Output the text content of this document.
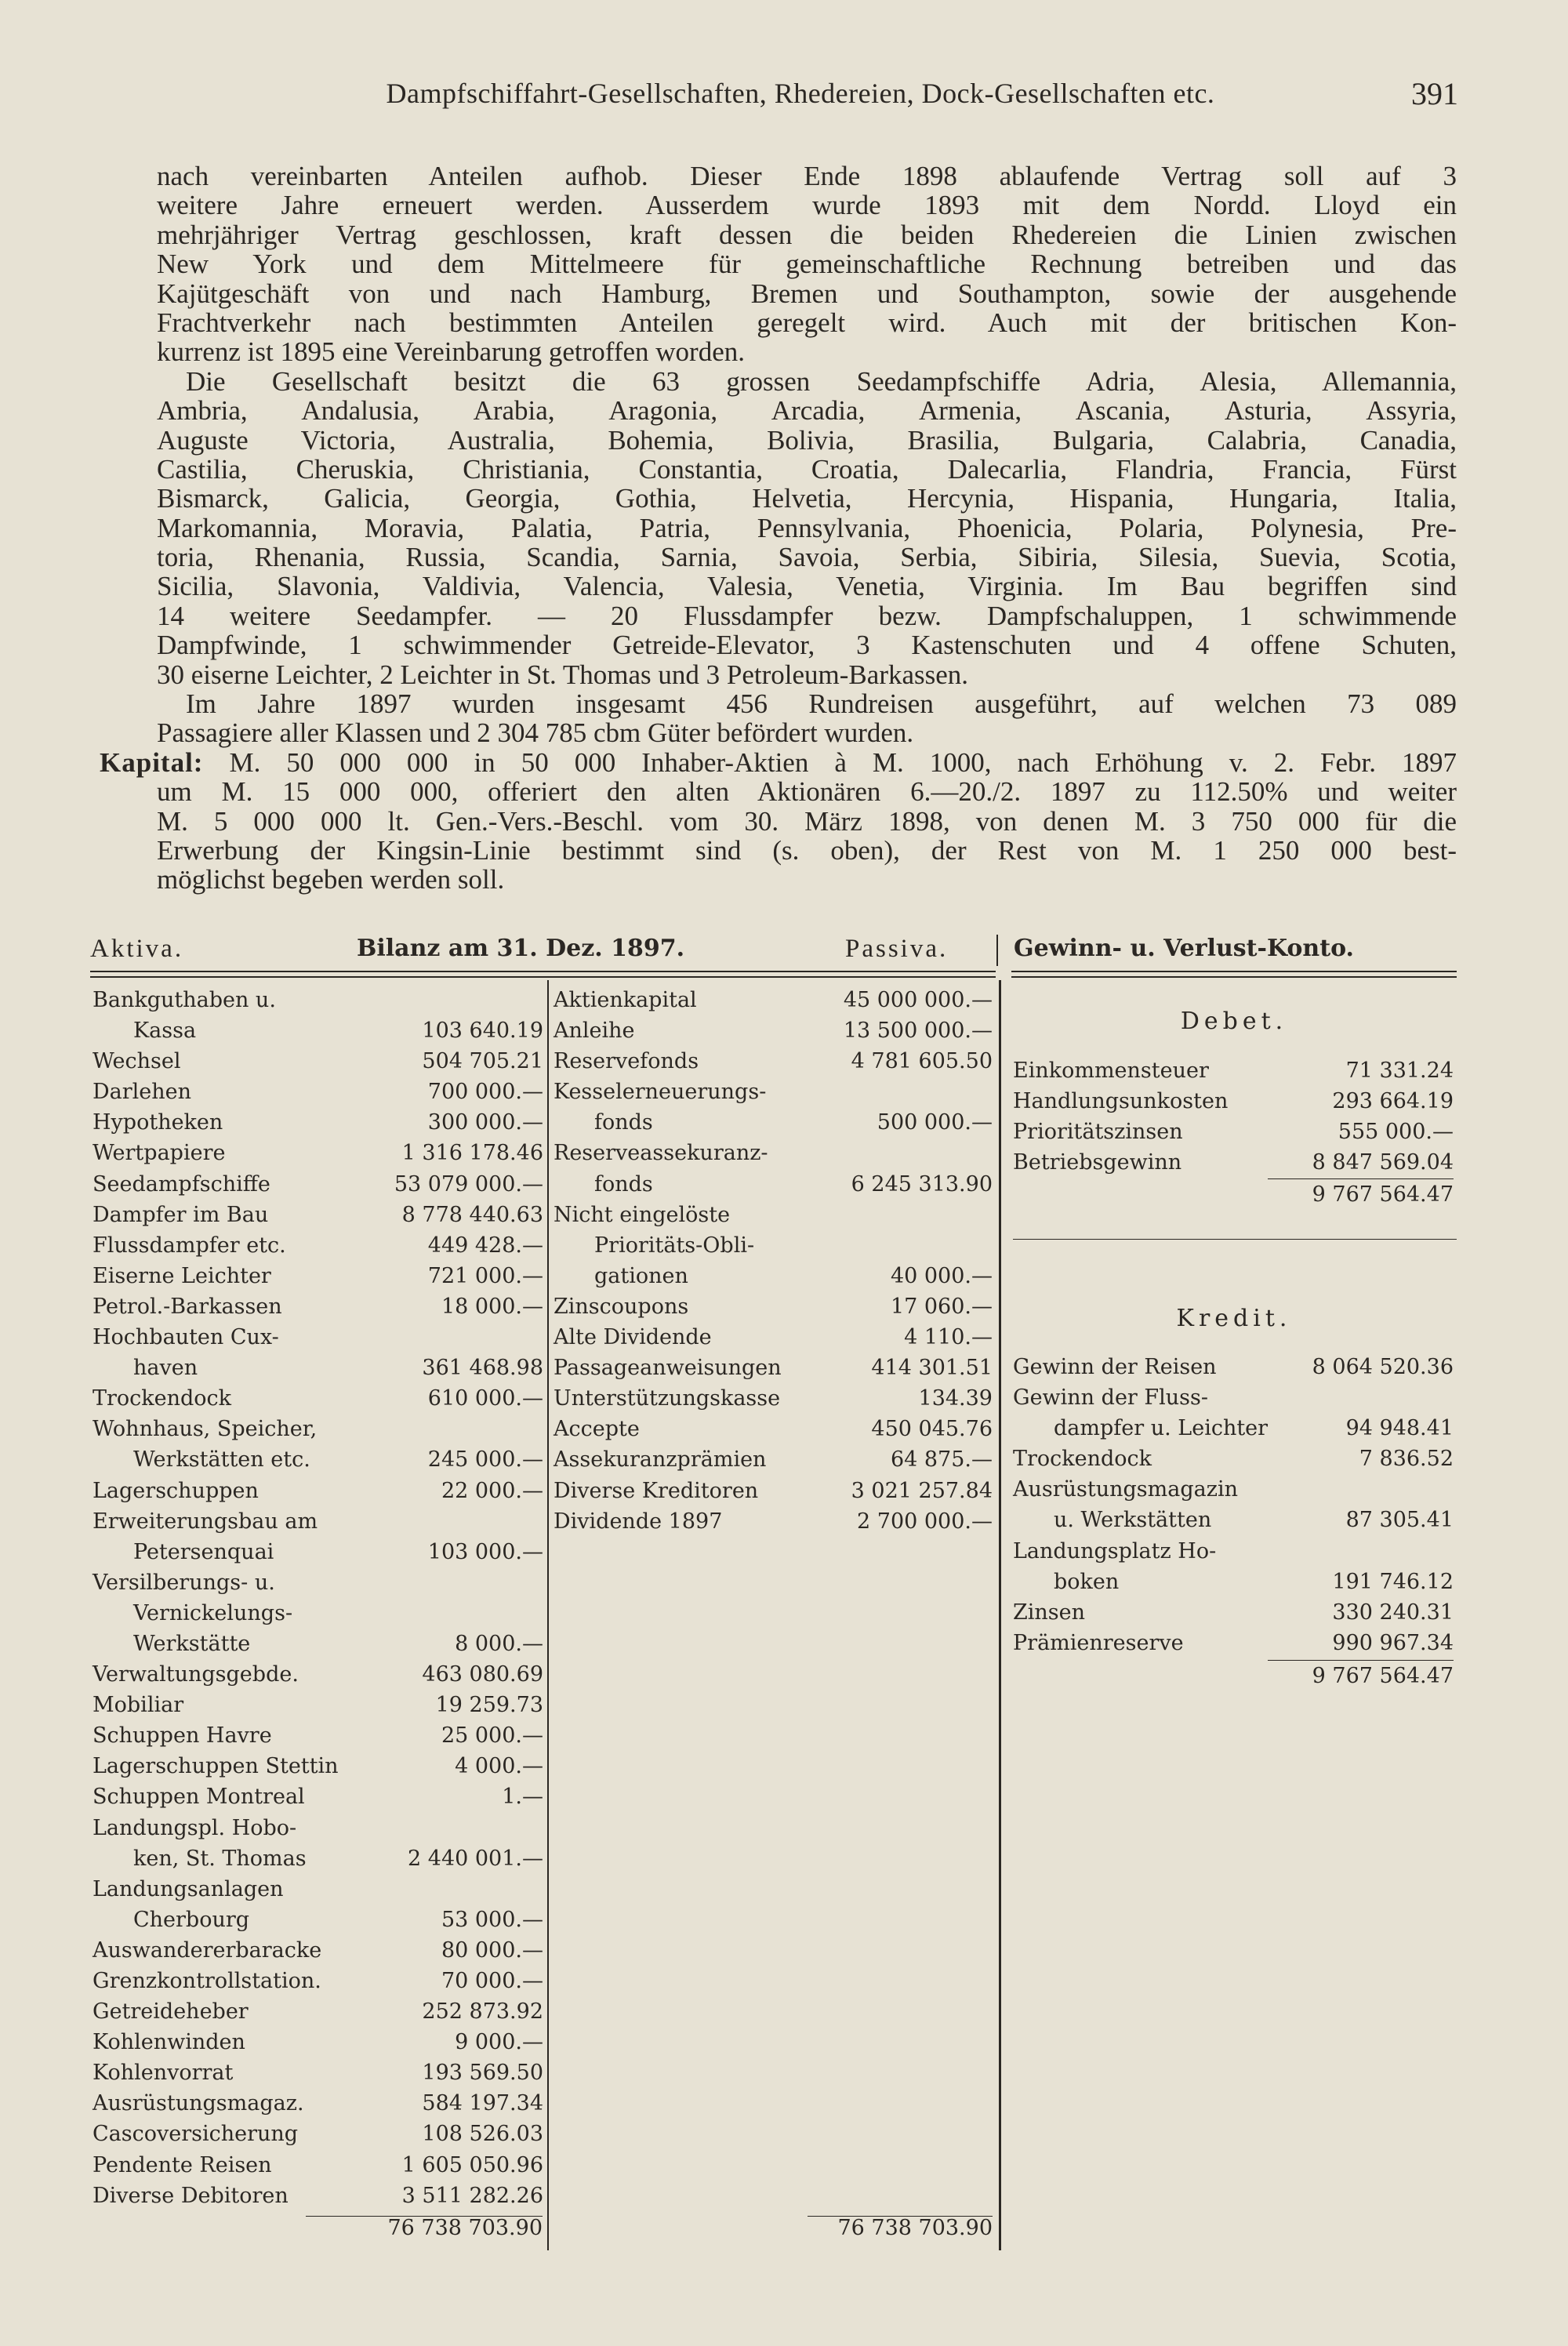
Dampfschiffahrt-Gesellschaften, Rhedereien, Dock-Gesellschaften etc.	391
nach vereinbarten Anteilen aufhob. Dieser Ende 1898 ablaufende Vertrag soll auf 3
weitere Jahre erneuert werden. Ausserdem wurde 1893 mit dem Nordd. Lloyd ein
mehrjähriger Vertrag geschlossen, kraft dessen die beiden Rhedereien die Linien zwischen
New York und dem Mittelmeere für gemeinschaftliche Rechnung betreiben und das
Kajütgeschäft von und nach Hamburg, Bremen und Southampton, sowie der ausgehende
Frachtverkehr nach bestimmten Anteilen geregelt wird. Auch mit der britischen Kon-
kurrenz ist 1895 eine Vereinbarung getroffen worden.
Die Gesellschaft besitzt die 63 grossen Seedampfschiffe Adria, Alesia, Allemannia,
Ambria, Andalusia, Arabia, Aragonia, Arcadia, Armenia, Ascania, Asturia, Assyria,
Auguste Victoria, Australia, Bohemia, Bolivia, Brasilia, Bulgaria, Calabria, Canadia,
Castilia, Cheruskia, Christiania, Constantia, Croatia, Dalecarlia, Flandria, Francia, Fürst
Bismarck, Galicia, Georgia, Gothia, Helvetia, Hercynia, Hispania, Hungaria, Italia,
Markomannia, Moravia, Palatia, Patria, Pennsylvania, Phoenicia, Polaria, Polynesia, Pre-
toria, Rhenania, Russia, Scandia, Sarnia, Savoia, Serbia, Sibiria, Silesia, Suevia, Scotia,
Sicilia, Slavonia, Valdivia, Valencia, Valesia, Venetia, Virginia. Im Bau begriffen sind
14 weitere Seedampfer. — 20 Flussdampfer bezw. Dampfschaluppen, 1 schwimmende
Dampfwinde, 1 schwimmender Getreide-Elevator, 3 Kastenschuten und 4 offene Schuten,
30 eiserne Leichter, 2 Leichter in St. Thomas und 3 Petroleum-Barkassen.
Im Jahre 1897 wurden insgesamt 456 Rundreisen ausgeführt, auf welchen 73 089
Passagiere aller Klassen und 2 304 785 cbm Güter befördert wurden.
Kapital: M. 50 000 000 in 50 000 Inhaber-Aktien à M. 1000, nach Erhöhung v. 2. Febr. 1897
um M. 15 000 000, offeriert den alten Aktionären 6.—20./2. 1897 zu 112.50% und weiter
M. 5 000 000 lt. Gen.-Vers.-Beschl. vom 30. März 1898, von denen M. 3 750 000 für die
Erwerbung der Kingsin-Linie bestimmt sind (s. oben), der Rest von M. 1 250 000 best-
möglichst begeben werden soll.
Aktiva.	Bilanz am 31. Dez. 1897.	Passiva.	Gewinn- u. Verlust-Konto.
Bankguthaben u.
Kassa	103 640.19
Wechsel	504 705.21
Darlehen	700 000.—
Hypotheken	300 000.—
Wertpapiere	1 316 178.46
Seedampfschiffe	53 079 000.—
Dampfer im Bau	8 778 440.63
Flussdampfer etc.	449 428.—
Eiserne Leichter	721 000.—
Petrol.-Barkassen	18 000.—
Hochbauten Cux-
haven	361 468.98
Trockendock	610 000.—
Wohnhaus, Speicher,
Werkstätten etc.	245 000.—
Lagerschuppen	22 000.—
Erweiterungsbau am
Petersenquai	103 000.—
Versilberungs- u.
Vernickelungs-
Werkstätte	8 000.—
Verwaltungsgebde.	463 080.69
Mobiliar	19 259.73
Schuppen Havre	25 000.—
Lagerschuppen Stettin	4 000.—
Schuppen Montreal	1.—
Landungspl. Hobo-
ken, St. Thomas	2 440 001.—
Landungsanlagen
Cherbourg	53 000.—
Auswandererbaracke	80 000.—
Grenzkontrollstation.	70 000.—
Getreideheber	252 873.92
Kohlenwinden	9 000.—
Kohlenvorrat	193 569.50
Ausrüstungsmagaz.	584 197.34
Cascoversicherung	108 526.03
Pendente Reisen	1 605 050.96
Diverse Debitoren	3 511 282.26
76 738 703.90
Aktienkapital	45 000 000.—
Anleihe	13 500 000.—
Reservefonds	4 781 605.50
Kesselerneuerungs-
fonds	500 000.—
Reserveassekuranz-
fonds	6 245 313.90
Nicht eingelöste
Prioritäts-Obli-
gationen	40 000.—
Zinscoupons	17 060.—
Alte Dividende	4 110.—
Passageanweisungen	414 301.51
Unterstützungskasse	134.39
Accepte	450 045.76
Assekuranzprämien	64 875.—
Diverse Kreditoren	3 021 257.84
Dividende 1897	2 700 000.—
76 738 703.90
Debet.
Einkommensteuer	71 331.24
Handlungsunkosten	293 664.19
Prioritätszinsen	555 000.—
Betriebsgewinn	8 847 569.04
9 767 564.47
Kredit.
Gewinn der Reisen	8 064 520.36
Gewinn der Fluss-
dampfer u. Leichter	94 948.41
Trockendock	7 836.52
Ausrüstungsmagazin
u. Werkstätten	87 305.41
Landungsplatz Ho-
boken	191 746.12
Zinsen	330 240.31
Prämienreserve	990 967.34
9 767 564.47
